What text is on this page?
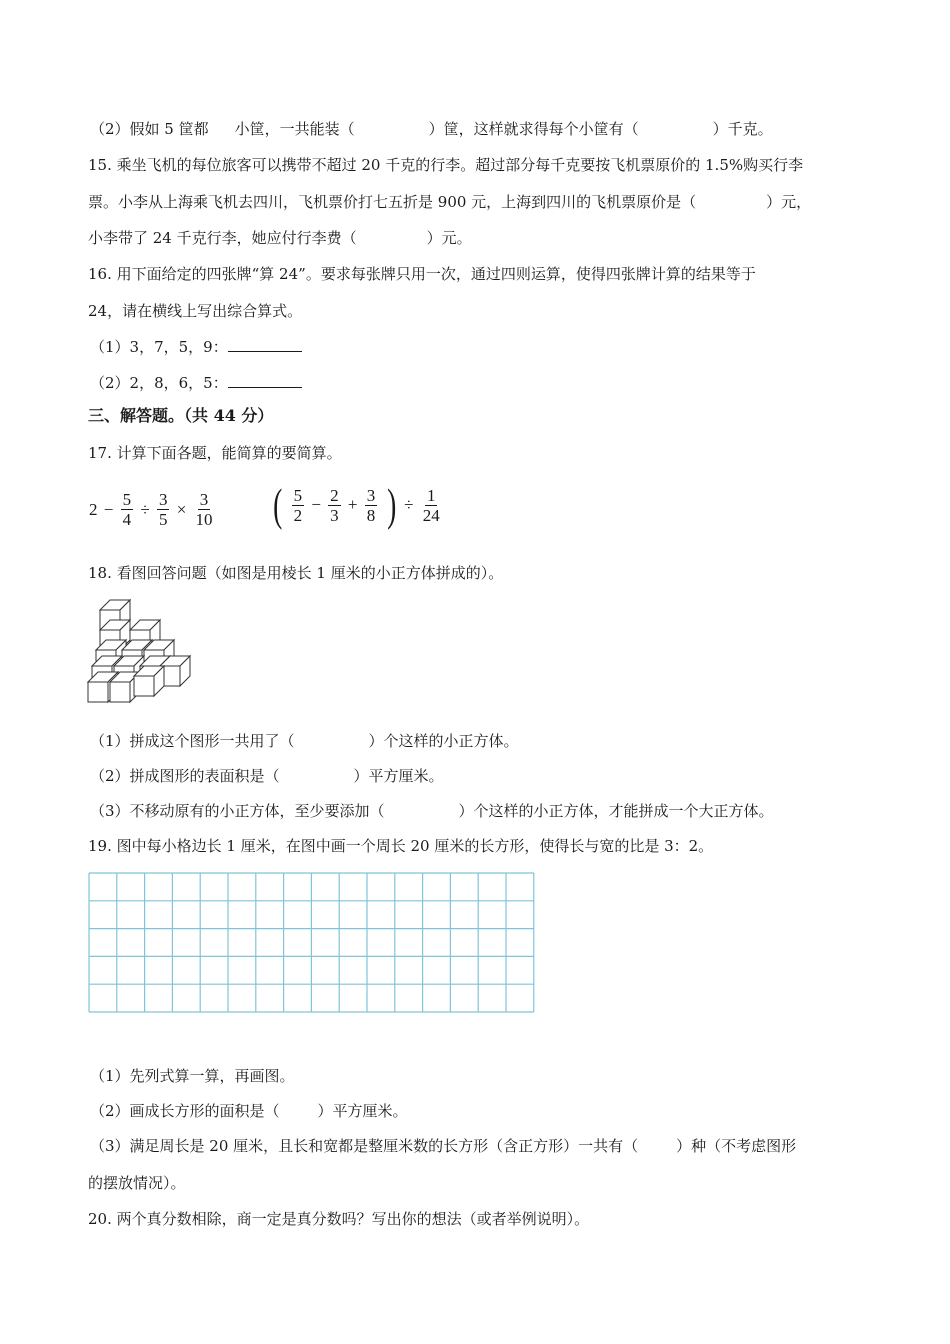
（2）假如 5 筐都 小筐，一共能装（	）筐，这样就求得每个小筐有（	）千克。
15. 乘坐飞机的每位旅客可以携带不超过 20 千克的行李。超过部分每千克要按飞机票原价的 1.5%购买行李
票。小李从上海乘飞机去四川，飞机票价打七五折是 900 元，上海到四川的飞机票原价是（	）元，
小李带了 24 千克行李，她应付行李费（	）元。
16. 用下面给定的四张牌“算 24”。要求每张牌只用一次，通过四则运算，使得四张牌计算的结果等于
24，请在横线上写出综合算式。
（1）3，7，5，9：
（2）2，8，6，5：
三、解答题。（共 44 分）
17. 计算下面各题，能简算的要简算。
$2 - \frac{5}{4} \div \frac{3}{5} \times \frac{3}{10}$ ( $\frac{5}{2} - \frac{2}{3} + \frac{3}{8}$ ) ÷ $\frac{1}{24}$
18. 看图回答问题（如图是用棱长 1 厘米的小正方体拼成的）。
（1）拼成这个图形一共用了（	）个这样的小正方体。
（2）拼成图形的表面积是（	）平方厘米。
（3）不移动原有的小正方体，至少要添加（	）个这样的小正方体，才能拼成一个大正方体。
19. 图中每小格边长 1 厘米，在图中画一个周长 20 厘米的长方形，使得长与宽的比是 3：2。
（1）先列式算一算，再画图。
（2）画成长方形的面积是（	）平方厘米。
（3）满足周长是 20 厘米，且长和宽都是整厘米数的长方形（含正方形）一共有（	）种（不考虑图形
的摆放情况）。
20. 两个真分数相除，商一定是真分数吗？写出你的想法（或者举例说明）。
